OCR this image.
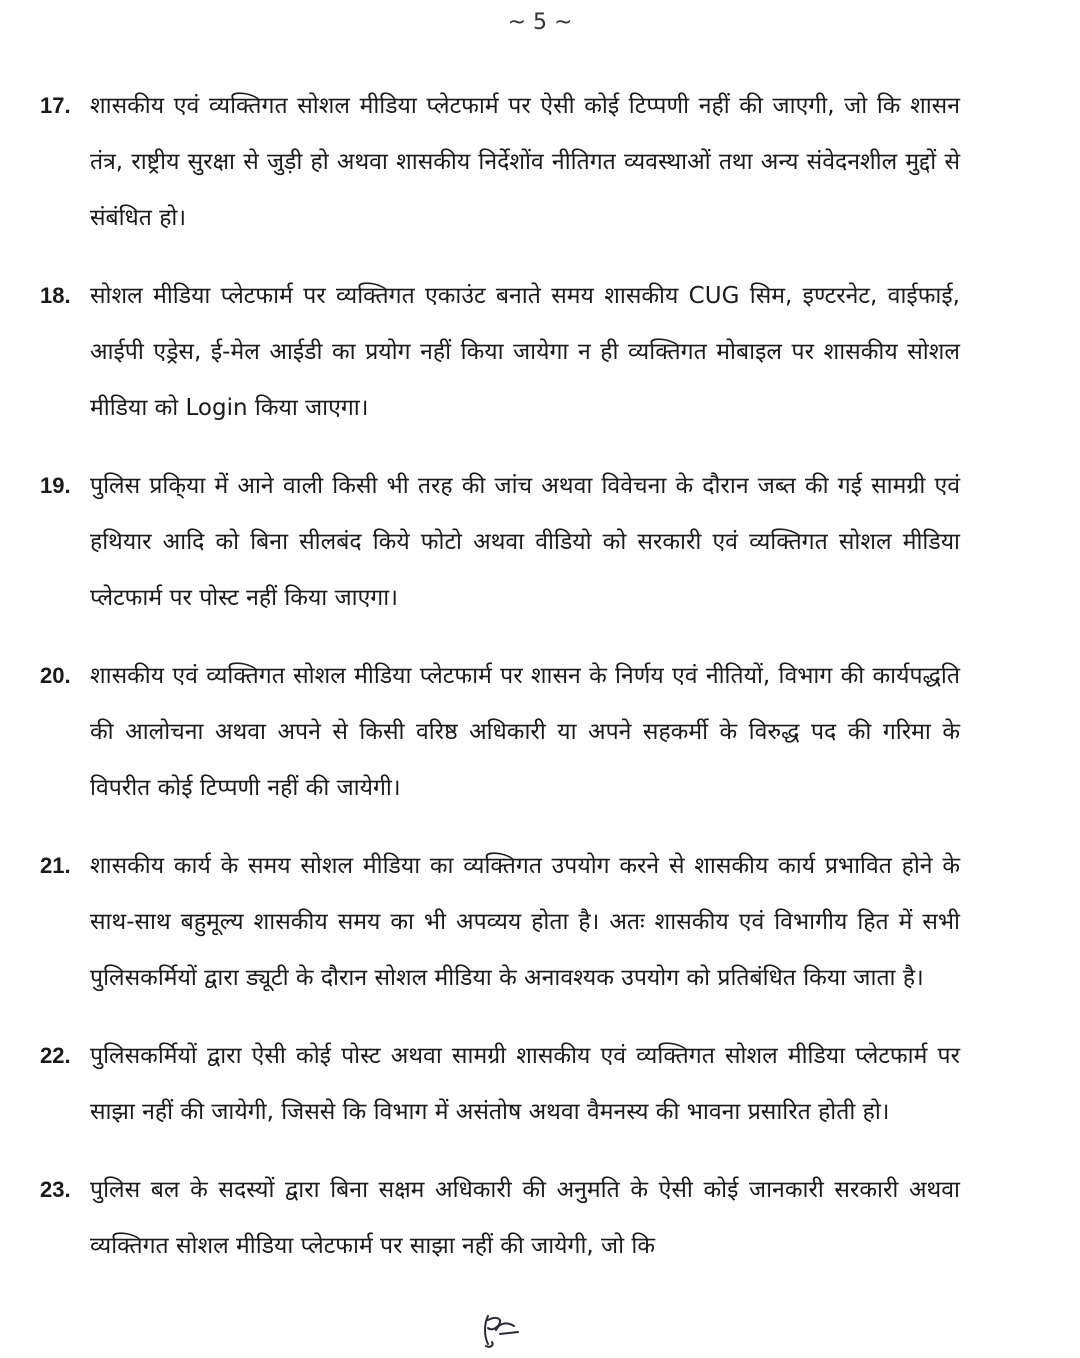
~ 5 ~
17. शासकीय एवं व्यक्तिगत सोशल मीडिया प्लेटफार्म पर ऐसी कोई टिप्पणी नहीं की जाएगी, जो कि शासन तंत्र, राष्ट्रीय सुरक्षा से जुड़ी हो अथवा शासकीय निर्देशोंव नीतिगत व्यवस्थाओं तथा अन्य संवेदनशील मुद्दों से संबंधित हो।
18. सोशल मीडिया प्लेटफार्म पर व्यक्तिगत एकाउंट बनाते समय शासकीय CUG सिम, इण्टरनेट, वाईफाई, आईपी एड्रेस, ई-मेल आईडी का प्रयोग नहीं किया जायेगा न ही व्यक्तिगत मोबाइल पर शासकीय सोशल मीडिया को Login किया जाएगा।
19. पुलिस प्रकि्या में आने वाली किसी भी तरह की जांच अथवा विवेचना के दौरान जब्त की गई सामग्री एवं हथियार आदि को बिना सीलबंद किये फोटो अथवा वीडियो को सरकारी एवं व्यक्तिगत सोशल मीडिया प्लेटफार्म पर पोस्ट नहीं किया जाएगा।
20. शासकीय एवं व्यक्तिगत सोशल मीडिया प्लेटफार्म पर शासन के निर्णय एवं नीतियों, विभाग की कार्यपद्धति की आलोचना अथवा अपने से किसी वरिष्ठ अधिकारी या अपने सहकर्मी के विरुद्ध पद की गरिमा के विपरीत कोई टिप्पणी नहीं की जायेगी।
21. शासकीय कार्य के समय सोशल मीडिया का व्यक्तिगत उपयोग करने से शासकीय कार्य प्रभावित होने के साथ-साथ बहुमूल्य शासकीय समय का भी अपव्यय होता है। अतः शासकीय एवं विभागीय हित में सभी पुलिसकर्मियों द्वारा ड्यूटी के दौरान सोशल मीडिया के अनावश्यक उपयोग को प्रतिबंधित किया जाता है।
22. पुलिसकर्मियों द्वारा ऐसी कोई पोस्ट अथवा सामग्री शासकीय एवं व्यक्तिगत सोशल मीडिया प्लेटफार्म पर साझा नहीं की जायेगी, जिससे कि विभाग में असंतोष अथवा वैमनस्य की भावना प्रसारित होती हो।
23. पुलिस बल के सदस्यों द्वारा बिना सक्षम अधिकारी की अनुमति के ऐसी कोई जानकारी सरकारी अथवा व्यक्तिगत सोशल मीडिया प्लेटफार्म पर साझा नहीं की जायेगी, जो कि
